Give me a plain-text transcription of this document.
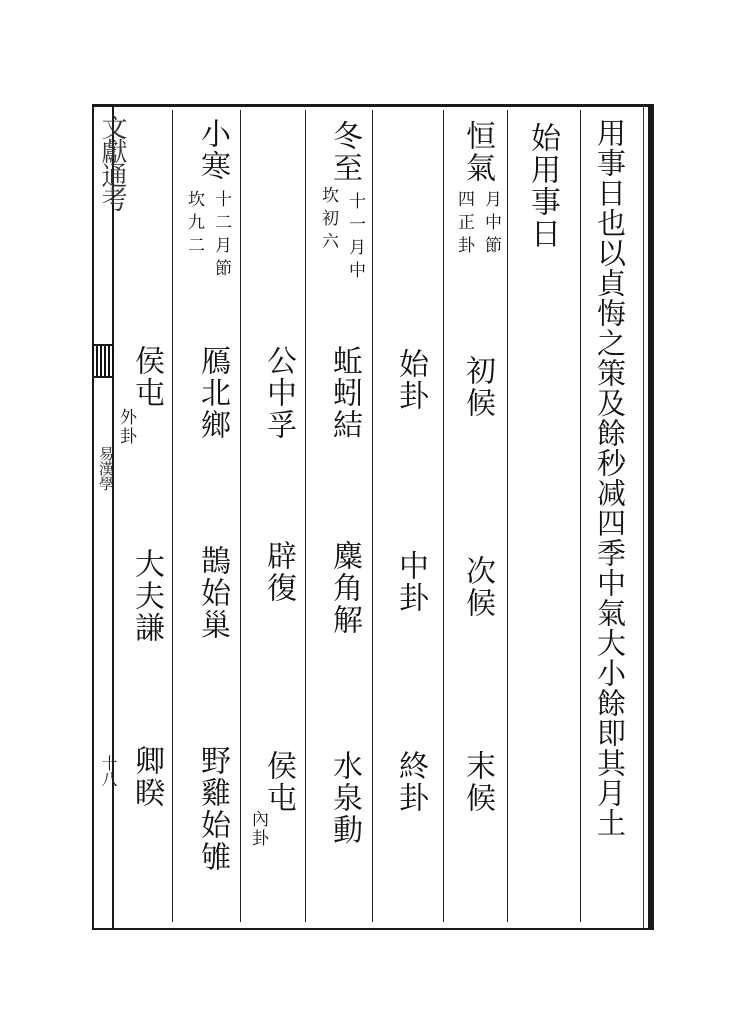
文獻通考
易漢學
十八	用事日也以貞悔之策及餘秒减四季中氣大小餘即其月土
始用事日
恒氣
月中節
四正卦
初候
次候
末候
始卦
中卦
終卦
冬至
十一月中
坎初六
蚯蚓結
麋角解
水泉動
公中孚
辟復
侯屯
內卦
小寒
十二月節
坎九二
鴈北鄉
鵲始巢
野雞始雊
侯屯
外卦
大夫謙
卿睽
